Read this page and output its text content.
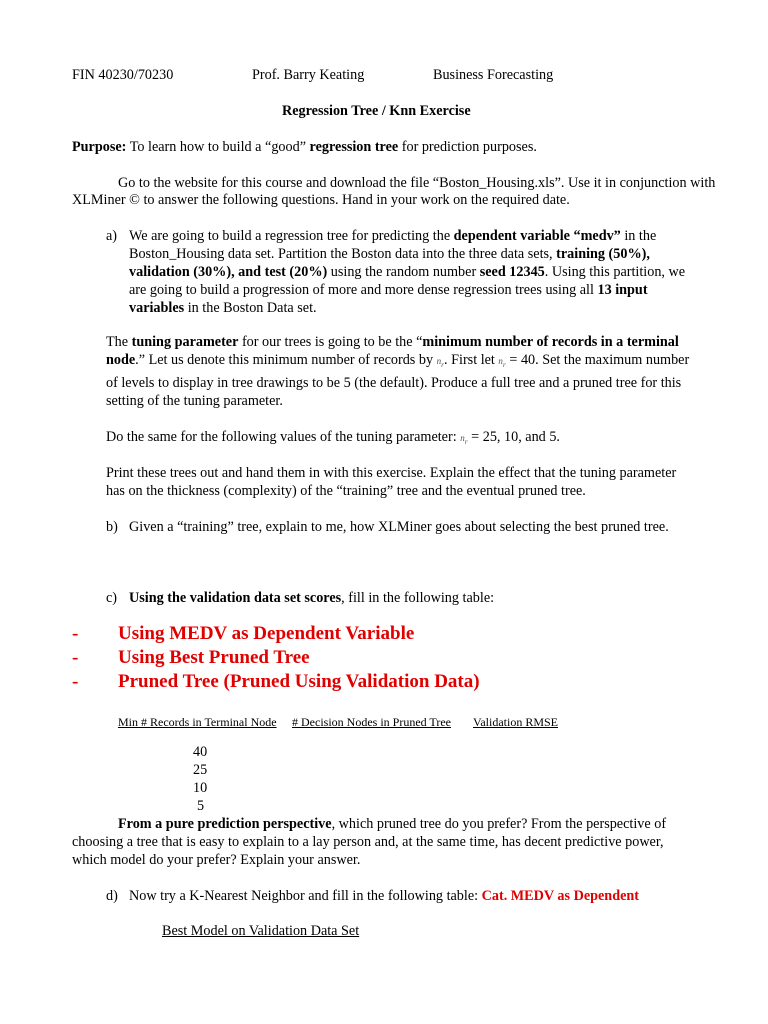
FIN 40230/70230	Prof. Barry Keating	Business Forecasting
Regression Tree / Knn Exercise
Purpose: To learn how to build a “good” regression tree for prediction purposes.
Go to the website for this course and download the file “Boston_Housing.xls”. Use it in conjunction with
XLMiner © to answer the following questions. Hand in your work on the required date.
a) We are going to build a regression tree for predicting the dependent variable “medv” in the Boston_Housing data set. Partition the Boston data into the three data sets, training (50%), validation (30%), and test (20%) using the random number seed 12345. Using this partition, we are going to build a progression of more and more dense regression trees using all 13 input variables in the Boston Data set.
The tuning parameter for our trees is going to be the “minimum number of records in a terminal node.” Let us denote this minimum number of records by $n_r$. First let $n_r = 40$. Set the maximum number of levels to display in tree drawings to be 5 (the default). Produce a full tree and a pruned tree for this setting of the tuning parameter.
Do the same for the following values of the tuning parameter: $n_r = 25$, 10, and 5.
Print these trees out and hand them in with this exercise. Explain the effect that the tuning parameter has on the thickness (complexity) of the “training” tree and the eventual pruned tree.
b) Given a “training” tree, explain to me, how XLMiner goes about selecting the best pruned tree.
c) Using the validation data set scores, fill in the following table:
- Using MEDV as Dependent Variable
- Using Best Pruned Tree
- Pruned Tree (Pruned Using Validation Data)
Min # Records in Terminal Node # Decision Nodes in Pruned Tree Validation RMSE
40
25
10
5
From a pure prediction perspective, which pruned tree do you prefer? From the perspective of choosing a tree that is easy to explain to a lay person and, at the same time, has decent predictive power, which model do your prefer? Explain your answer.
d) Now try a K-Nearest Neighbor and fill in the following table: Cat. MEDV as Dependent
Best Model on Validation Data Set
